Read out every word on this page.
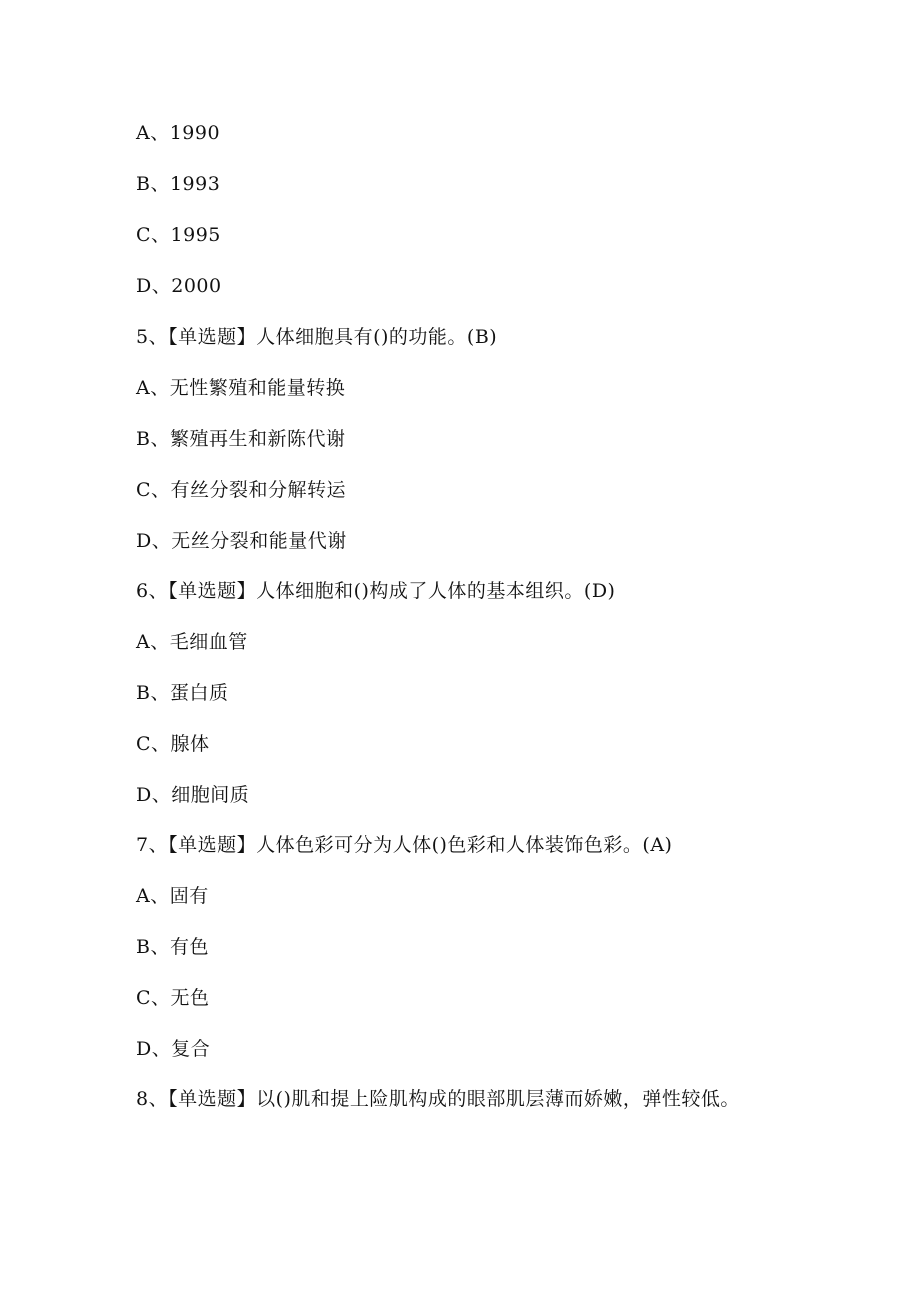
A、1990
B、1993
C、1995
D、2000
5、【单选题】人体细胞具有()的功能。(B)
A、无性繁殖和能量转换
B、繁殖再生和新陈代谢
C、有丝分裂和分解转运
D、无丝分裂和能量代谢
6、【单选题】人体细胞和()构成了人体的基本组织。(D)
A、毛细血管
B、蛋白质
C、腺体
D、细胞间质
7、【单选题】人体色彩可分为人体()色彩和人体装饰色彩。(A)
A、固有
B、有色
C、无色
D、复合
8、【单选题】以()肌和提上险肌构成的眼部肌层薄而娇嫩，弹性较低。
